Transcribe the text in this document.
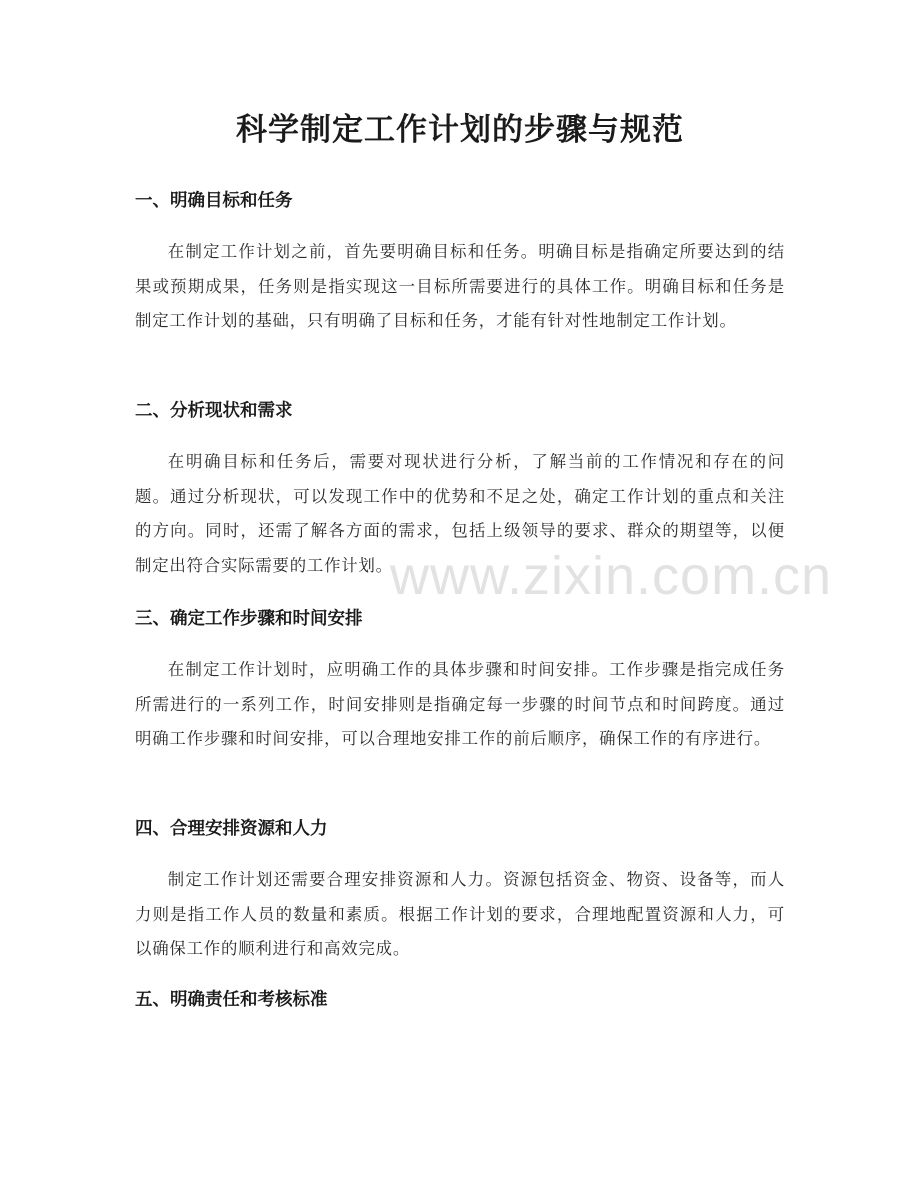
科学制定工作计划的步骤与规范
一、明确目标和任务

在制定工作计划之前，首先要明确目标和任务。明确目标是指确定所要达到的结果或预期成果，任务则是指实现这一目标所需要进行的具体工作。明确目标和任务是制定工作计划的基础，只有明确了目标和任务，才能有针对性地制定工作计划。

二、分析现状和需求

在明确目标和任务后，需要对现状进行分析，了解当前的工作情况和存在的问题。通过分析现状，可以发现工作中的优势和不足之处，确定工作计划的重点和关注的方向。同时，还需了解各方面的需求，包括上级领导的要求、群众的期望等，以便制定出符合实际需要的工作计划。

三、确定工作步骤和时间安排

在制定工作计划时，应明确工作的具体步骤和时间安排。工作步骤是指完成任务所需进行的一系列工作，时间安排则是指确定每一步骤的时间节点和时间跨度。通过明确工作步骤和时间安排，可以合理地安排工作的前后顺序，确保工作的有序进行。

四、合理安排资源和人力

制定工作计划还需要合理安排资源和人力。资源包括资金、物资、设备等，而人力则是指工作人员的数量和素质。根据工作计划的要求，合理地配置资源和人力，可以确保工作的顺利进行和高效完成。

五、明确责任和考核标准
www.zixin.com.cn
